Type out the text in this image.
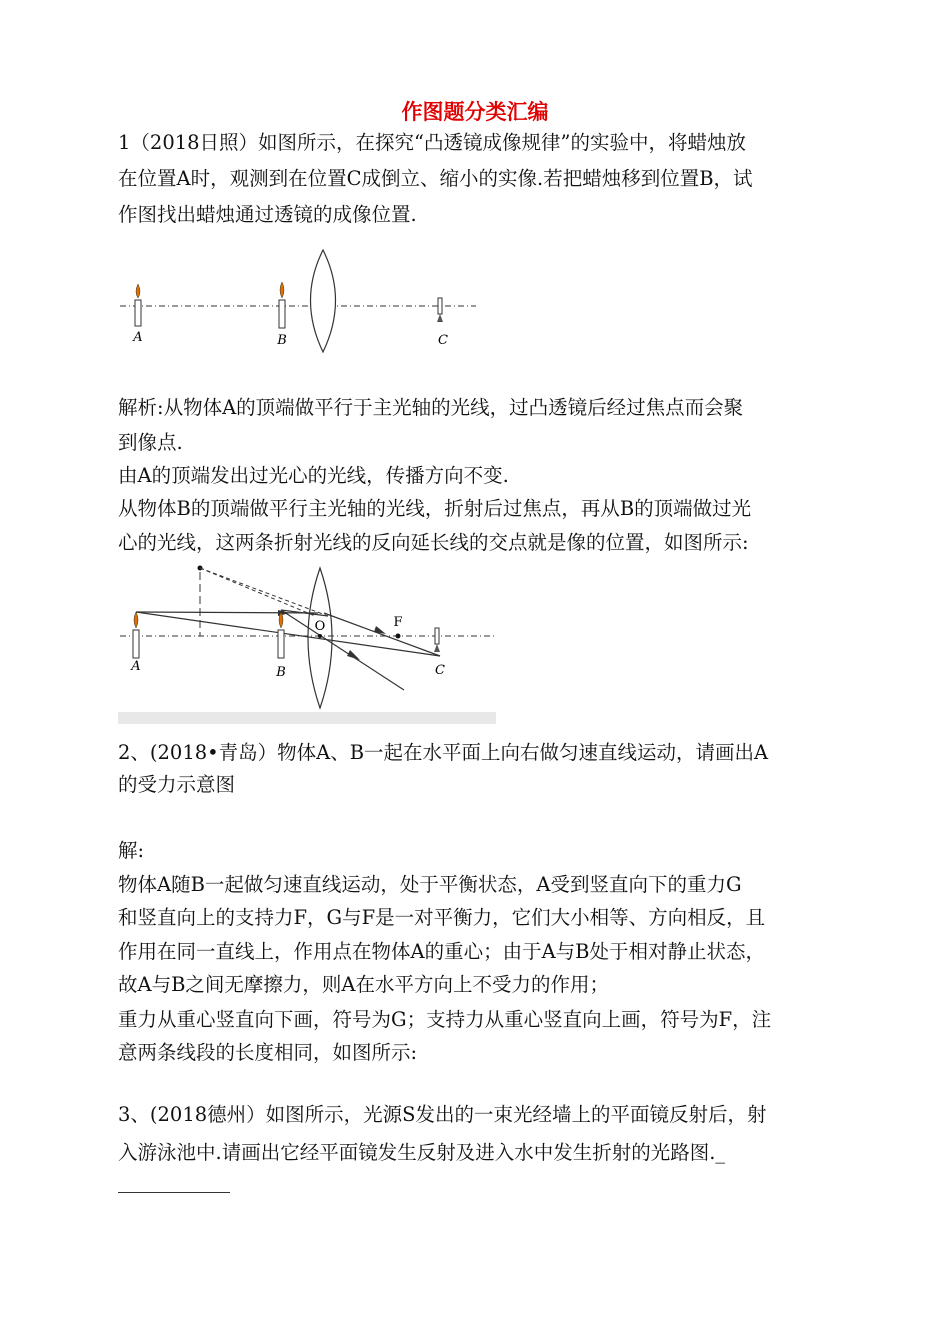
作图题分类汇编
1（2018日照）如图所示，在探究“凸透镜成像规律”的实验中，将蜡烛放
在位置A时，观测到在位置C成倒立、缩小的实像.若把蜡烛移到位置B，试
作图找出蜡烛通过透镜的成像位置.
A	B	C
解析:从物体A的顶端做平行于主光轴的光线，过凸透镜后经过焦点而会聚
到像点.
由A的顶端发出过光心的光线，传播方向不变.
从物体B的顶端做平行主光轴的光线，折射后过焦点，再从B的顶端做过光
心的光线，这两条折射光线的反向延长线的交点就是像的位置，如图所示:
O	F
A	B	C
2、(2018•青岛）物体A、B一起在水平面上向右做匀速直线运动，请画出A
的受力示意图
解:
物体A随B一起做匀速直线运动，处于平衡状态，A受到竖直向下的重力G
和竖直向上的支持力F，G与F是一对平衡力，它们大小相等、方向相反，且
作用在同一直线上，作用点在物体A的重心；由于A与B处于相对静止状态，
故A与B之间无摩擦力，则A在水平方向上不受力的作用；
重力从重心竖直向下画，符号为G；支持力从重心竖直向上画，符号为F，注
意两条线段的长度相同，如图所示:
3、(2018德州）如图所示，光源S发出的一束光经墙上的平面镜反射后，射
入游泳池中.请画出它经平面镜发生反射及进入水中发生折射的光路图._
